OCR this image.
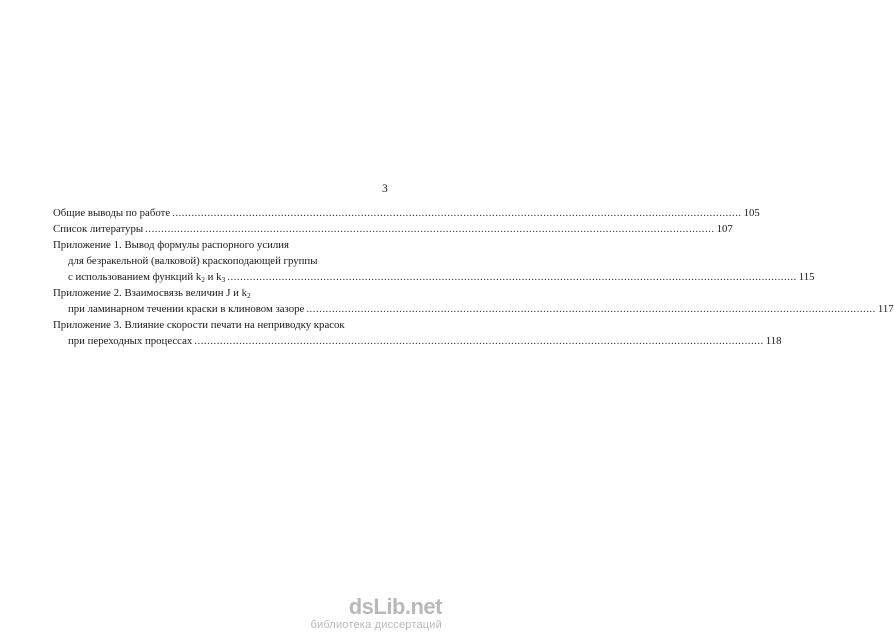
3
Общие выводы по работе .................................................................................................................................................................................. 105
Список литературы .................................................................................................................................................................................. 107
Приложение 1. Вывод формулы распорного усилия
для безракельной (валковой) краскоподающей группы
с использованием функций $k_2$ и $k_3$ .................................................................................................................................................................................. 115
Приложение 2. Взаимосвязь величин J и $k_2$
при ламинарном течении краски в клиновом зазоре .................................................................................................................................................................................. 117
Приложение 3. Влияние скорости печати на неприводку красок
при переходных процессах .................................................................................................................................................................................. 118
dsLib.net
библиотека диссертаций
